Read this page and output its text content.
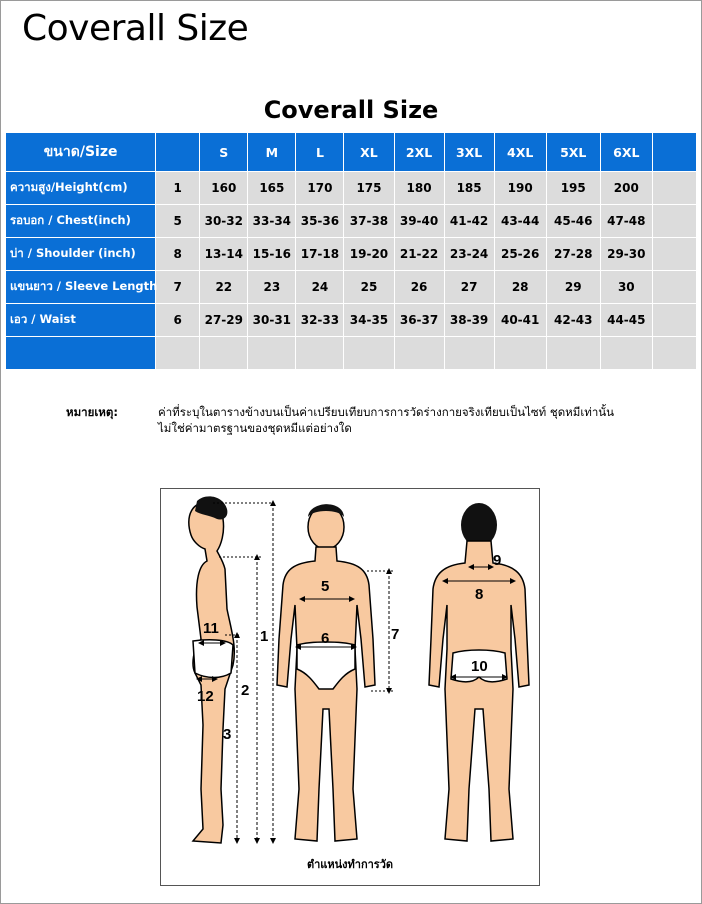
Coverall Size
Coverall Size
ขนาด/Size		S	M	L	XL	2XL	3XL	4XL	5XL	6XL	
ความสูง/Height(cm)	1	160	165	170	175	180	185	190	195	200	
รอบอก / Chest(inch)	5	30-32	33-34	35-36	37-38	39-40	41-42	43-44	45-46	47-48	
บ่า / Shoulder (inch)	8	13-14	15-16	17-18	19-20	21-22	23-24	25-26	27-28	29-30	
แขนยาว / Sleeve Length	7	22	23	24	25	26	27	28	29	30	
เอว / Waist	6	27-29	30-31	32-33	34-35	36-37	38-39	40-41	42-43	44-45	

หมายเหตุ:	ค่าที่ระบุในตารางข้างบนเป็นค่าเปรียบเทียบการการวัดร่างกายจริงเทียบเป็นไซท์ ชุดหมีเท่านั้น
ไม่ใช่ค่ามาตรฐานของชุดหมีแต่อย่างใด
1
2
3
5
6	7
8
9
10
11
12
ตำแหน่งทำการวัด
